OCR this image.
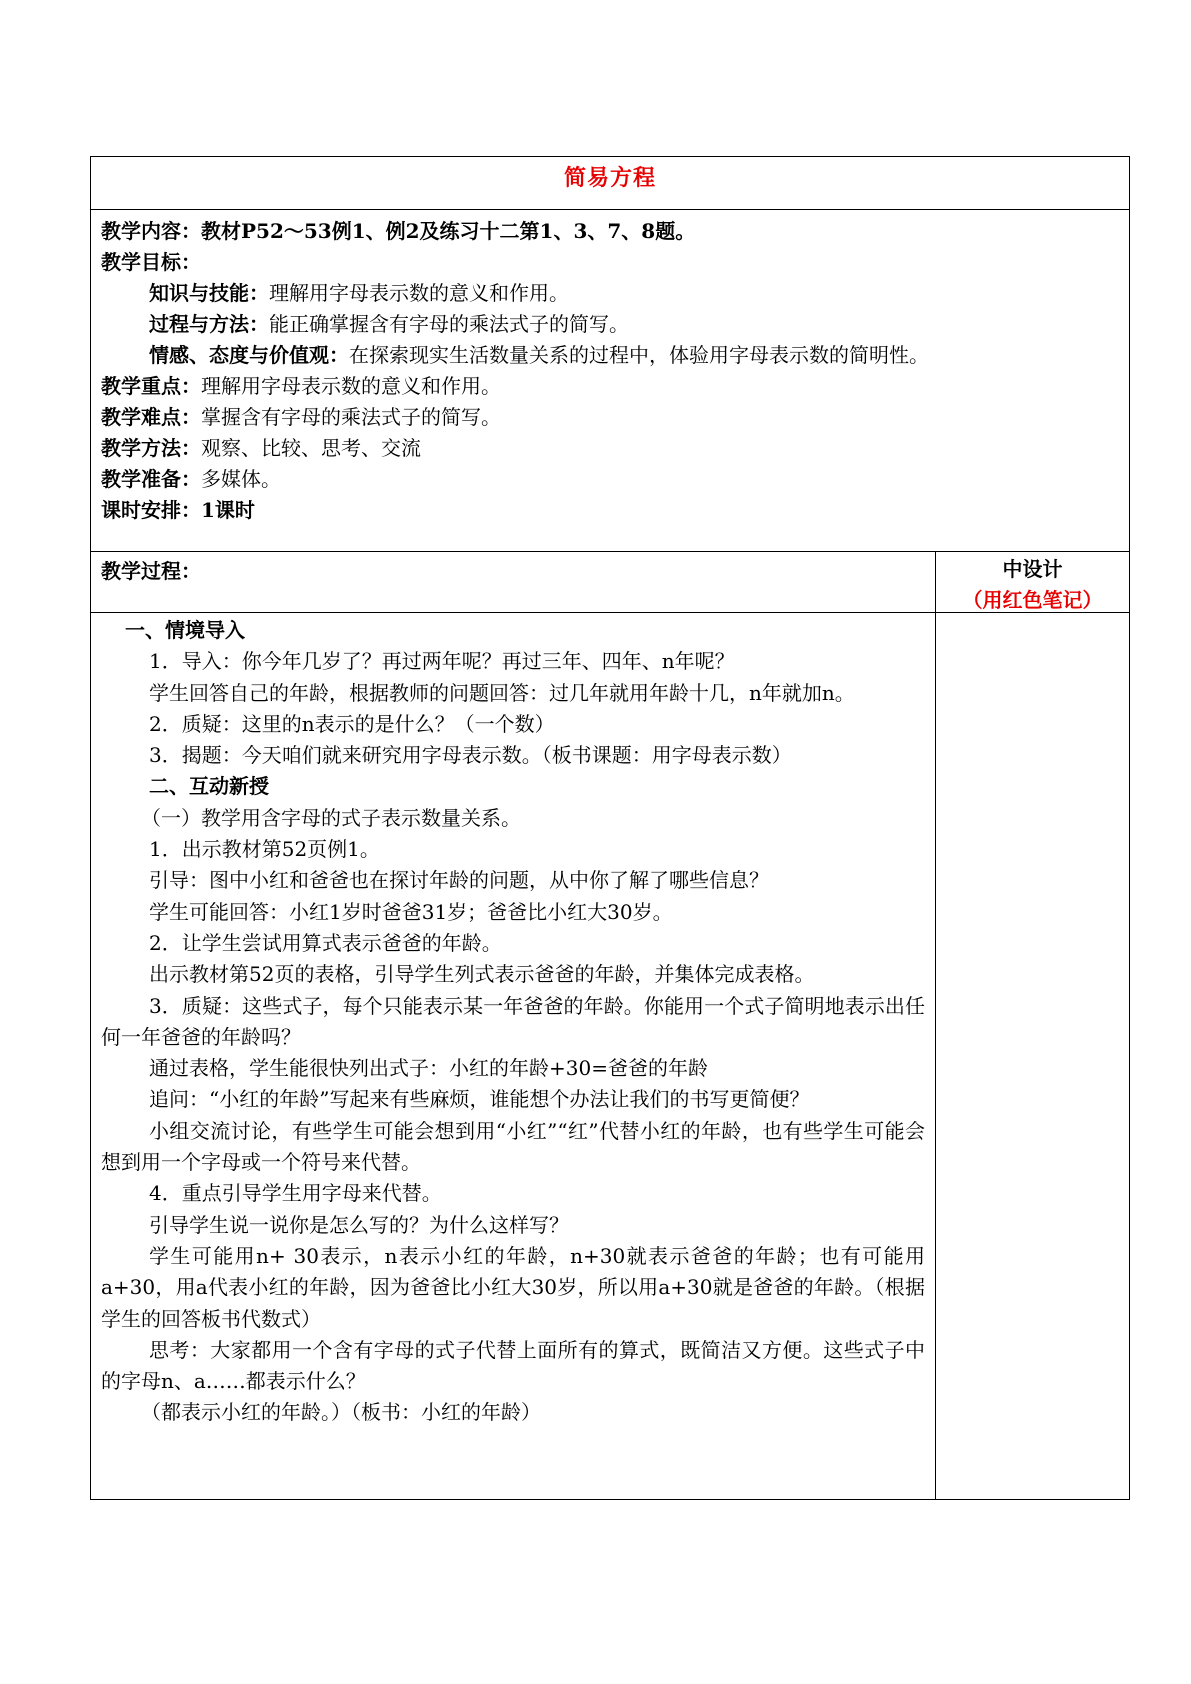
简易方程
教学内容：教材P52～53例1、例2及练习十二第1、3、7、8题。
教学目标：
知识与技能：理解用字母表示数的意义和作用。
过程与方法：能正确掌握含有字母的乘法式子的简写。
情感、态度与价值观：在探索现实生活数量关系的过程中，体验用字母表示数的简明性。
教学重点：理解用字母表示数的意义和作用。
教学难点：掌握含有字母的乘法式子的简写。
教学方法：观察、比较、思考、交流
教学准备：多媒体。
课时安排：1课时
教学过程：	中设计
（用红色笔记）
一、情境导入
1．导入：你今年几岁了？再过两年呢？再过三年、四年、n年呢？
学生回答自己的年龄，根据教师的问题回答：过几年就用年龄十几，n年就加n。
2．质疑：这里的n表示的是什么？（一个数）
3．揭题：今天咱们就来研究用字母表示数。（板书课题：用字母表示数）
二、互动新授
（一）教学用含字母的式子表示数量关系。
1．出示教材第52页例1。
引导：图中小红和爸爸也在探讨年龄的问题，从中你了解了哪些信息？
学生可能回答：小红1岁时爸爸31岁；爸爸比小红大30岁。
2．让学生尝试用算式表示爸爸的年龄。
出示教材第52页的表格，引导学生列式表示爸爸的年龄，并集体完成表格。
3．质疑：这些式子，每个只能表示某一年爸爸的年龄。你能用一个式子简明地表示出任何一年爸爸的年龄吗？
通过表格，学生能很快列出式子：小红的年龄+30=爸爸的年龄
追问：“小红的年龄”写起来有些麻烦，谁能想个办法让我们的书写更简便？
小组交流讨论，有些学生可能会想到用“小红”“红”代替小红的年龄，也有些学生可能会想到用一个字母或一个符号来代替。
4．重点引导学生用字母来代替。
引导学生说一说你是怎么写的？为什么这样写？
学生可能用n+ 30表示，n表示小红的年龄，n+30就表示爸爸的年龄；也有可能用a+30，用a代表小红的年龄，因为爸爸比小红大30岁，所以用a+30就是爸爸的年龄。（根据学生的回答板书代数式）
思考：大家都用一个含有字母的式子代替上面所有的算式，既简洁又方便。这些式子中的字母n、a……都表示什么？
（都表示小红的年龄。）（板书：小红的年龄）
